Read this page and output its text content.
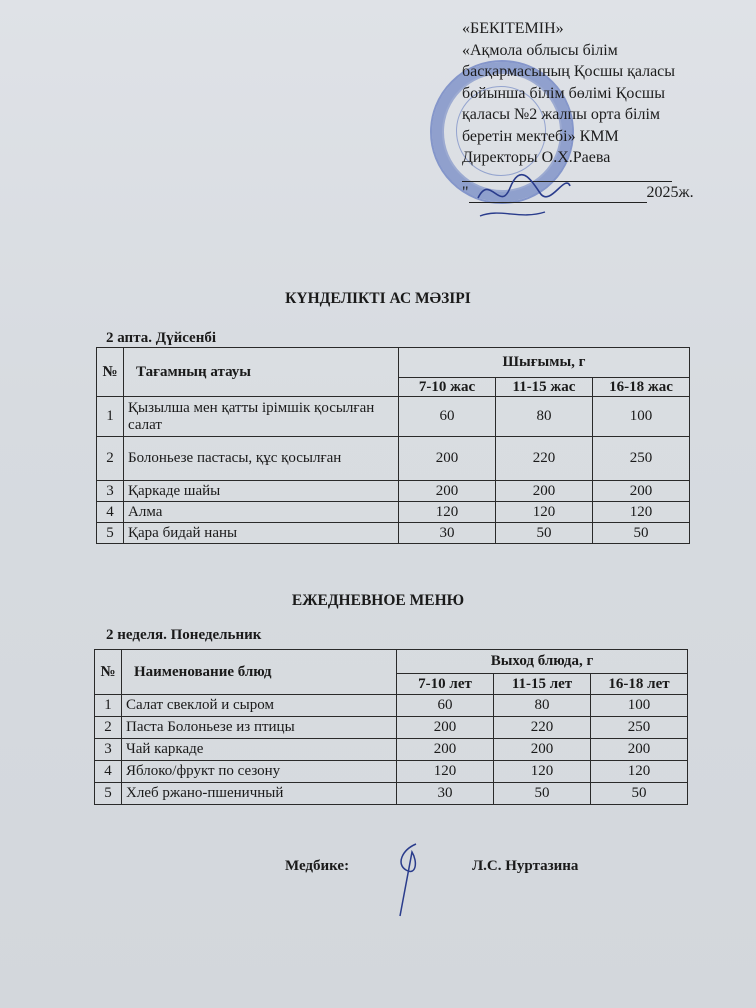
«БЕКІТЕМІН»
«Ақмола облысы білім
басқармасының Қосшы қаласы
бойынша білім бөлімі Қосшы
қаласы №2 жалпы орта білім
беретін мектебі» КММ
Директоры О.Х.Раева
"	2025ж.
КҮНДЕЛІКТІ АС МӘЗІРІ
2 апта. Дүйсенбі
№	Тағамның атауы	Шығымы, г		
		7-10 жас	11-15 жас	16-18 жас
1	Қызылша мен қатты ірімшік қосылған салат	60	80	100
2	Болоньезе пастасы, құс қосылған	200	220	250
3	Қаркаде шайы	200	200	200
4	Алма	120	120	120
5	Қара бидай наны	30	50	50
ЕЖЕДНЕВНОЕ МЕНЮ
2 неделя. Понедельник
№	Наименование блюд	Выход блюда, г		
		7-10 лет	11-15 лет	16-18 лет
1	Салат свеклой и сыром	60	80	100
2	Паста Болоньезе из птицы	200	220	250
3	Чай каркаде	200	200	200
4	Яблоко/фрукт по сезону	120	120	120
5	Хлеб ржано-пшеничный	30	50	50
Медбике:	Л.С. Нуртазина
